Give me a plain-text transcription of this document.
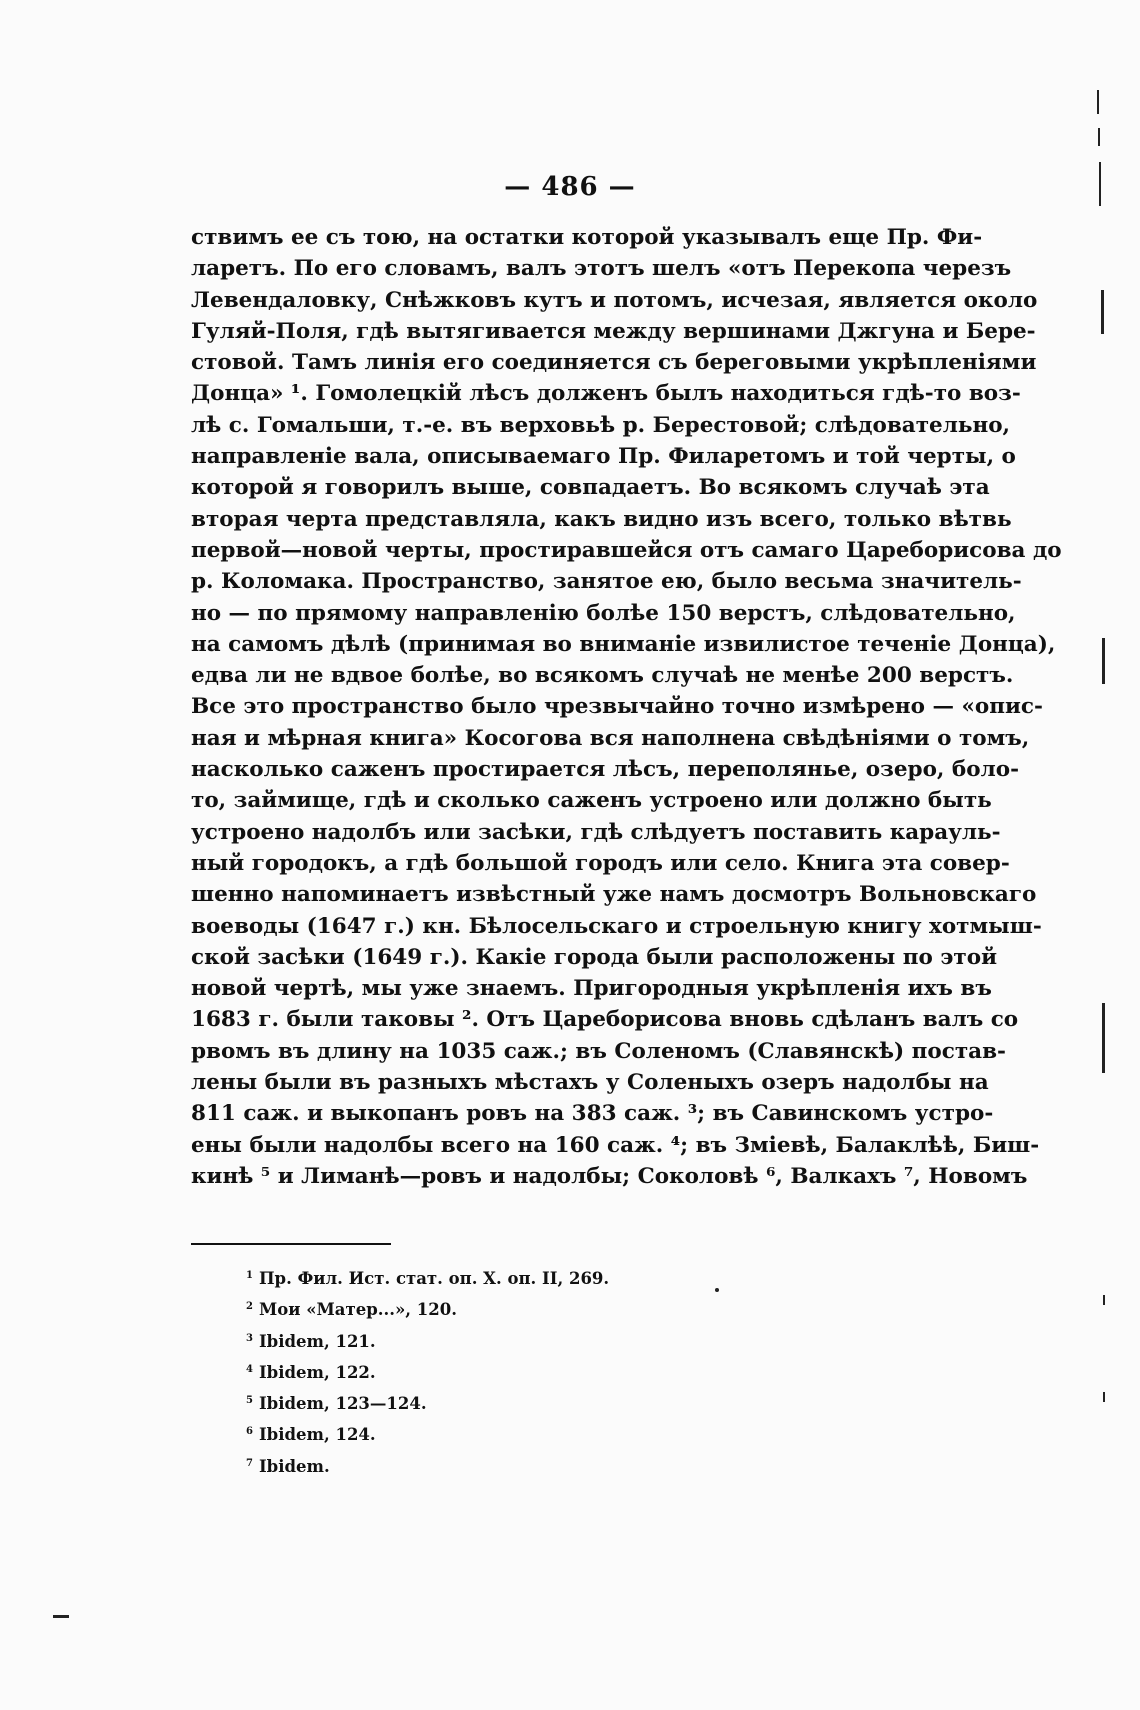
— 486 —
ствимъ ее съ тою, на остатки которой указывалъ еще Пр. Фи-
ларетъ. По его словамъ, валъ этотъ шелъ «отъ Перекопа черезъ
Левендаловку, Снѣжковъ кутъ и потомъ, исчезая, является около
Гуляй-Поля, гдѣ вытягивается между вершинами Джгуна и Бере-
стовой. Тамъ линія его соединяется съ береговыми укрѣпленіями
Донца» ¹. Гомолецкій лѣсъ долженъ былъ находиться гдѣ-то воз-
лѣ с. Гомальши, т.-е. въ верховьѣ р. Берестовой; слѣдовательно,
направленіе вала, описываемаго Пр. Филаретомъ и той черты, о
которой я говорилъ выше, совпадаетъ. Во всякомъ случаѣ эта
вторая черта представляла, какъ видно изъ всего, только вѣтвь
первой—новой черты, простиравшейся отъ самаго Цареборисова до
р. Коломака. Пространство, занятое ею, было весьма значитель-
но — по прямому направленію болѣе 150 верстъ, слѣдовательно,
на самомъ дѣлѣ (принимая во вниманіе извилистое теченіе Донца),
едва ли не вдвое болѣе, во всякомъ случаѣ не менѣе 200 верстъ.
Все это пространство было чрезвычайно точно измѣрено — «опис-
ная и мѣрная книга» Косогова вся наполнена свѣдѣніями о томъ,
насколько саженъ простирается лѣсъ, переполянье, озеро, боло-
то, займище, гдѣ и сколько саженъ устроено или должно быть
устроено надолбъ или засѣки, гдѣ слѣдуетъ поставить карауль-
ный городокъ, а гдѣ большой городъ или село. Книга эта совер-
шенно напоминаетъ извѣстный уже намъ досмотръ Вольновскаго
воеводы (1647 г.) кн. Бѣлосельскаго и строельную книгу хотмыш-
ской засѣки (1649 г.). Какіе города были расположены по этой
новой чертѣ, мы уже знаемъ. Пригородныя укрѣпленія ихъ въ
1683 г. были таковы ². Отъ Цареборисова вновь сдѣланъ валъ со
рвомъ въ длину на 1035 саж.; въ Соленомъ (Славянскѣ) постав-
лены были въ разныхъ мѣстахъ у Соленыхъ озеръ надолбы на
811 саж. и выкопанъ ровъ на 383 саж. ³; въ Савинскомъ устро-
ены были надолбы всего на 160 саж. ⁴; въ Зміевѣ, Балаклѣѣ, Биш-
кинѣ ⁵ и Лиманѣ—ровъ и надолбы; Соколовѣ ⁶, Валкахъ ⁷, Новомъ
$^1$ Пр. Фил. Ист. стат. оп. X. оп. II, 269.
$^2$ Мои «Матер...», 120.
$^3$ Ibidem, 121.
$^4$ Ibidem, 122.
$^5$ Ibidem, 123—124.
$^6$ Ibidem, 124.
$^7$ Ibidem.
